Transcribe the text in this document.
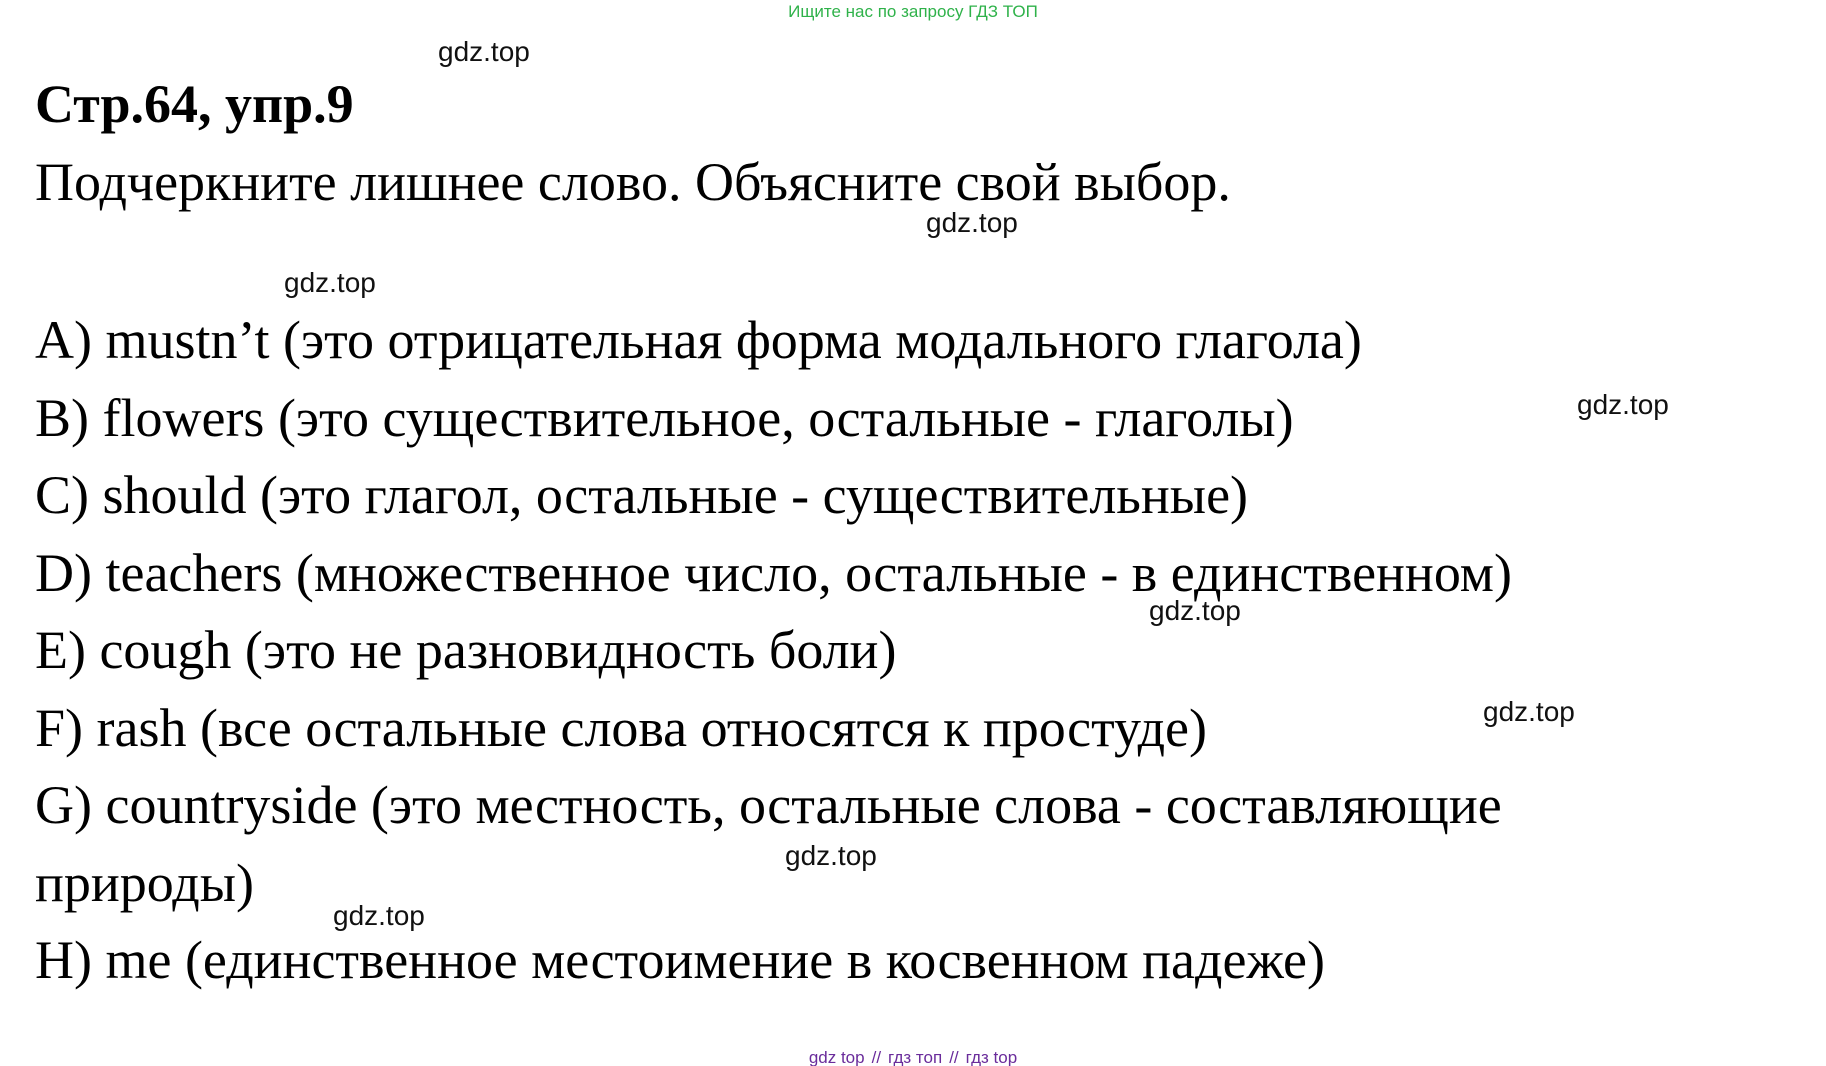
Ищите нас по запросу ГДЗ ТОП
Стр.64, упр.9
Подчеркните лишнее слово. Объясните свой выбор.
A) mustn’t (это отрицательная форма модального глагола)
B) flowers (это существительное, остальные - глаголы)
C) should (это глагол, остальные - существительные)
D) teachers (множественное число, остальные - в единственном)
E) cough (это не разновидность боли)
F) rash (все остальные слова относятся к простуде)
G) countryside (это местность, остальные слова - составляющие
природы)
H) me (единственное местоимение в косвенном падеже)
gdz.top
gdz.top
gdz.top
gdz.top
gdz.top
gdz.top
gdz.top
gdz.top
gdz top // гдз топ // гдз top
